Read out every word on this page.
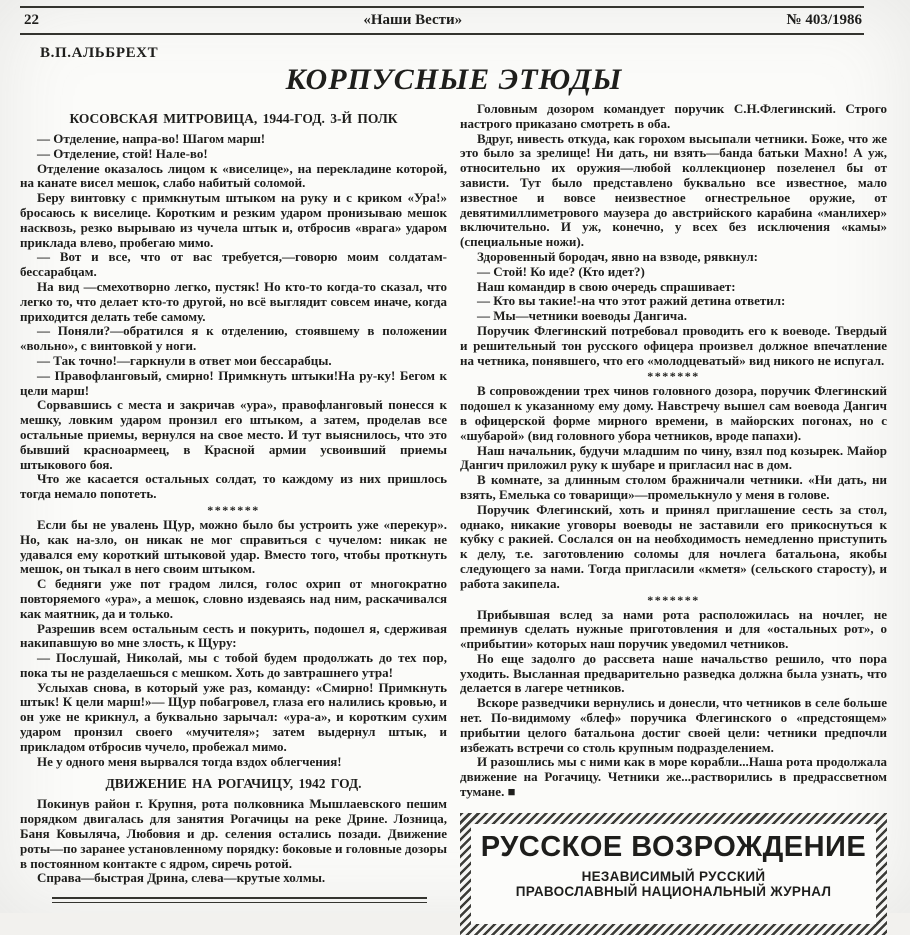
22	«Наши Вести»	№ 403/1986
В.П.АЛЬБРЕХТ
КОРПУСНЫЕ ЭТЮДЫ
КОСОВСКАЯ МИТРОВИЦА, 1944-ГОД. 3-Й ПОЛК

— Отделение, напра-во! Шагом марш!

— Отделение, стой! Нале-во!

Отделение оказалось лицом к «виселице», на перекладине которой, на канате висел мешок, слабо набитый соломой.

Беру винтовку с примкнутым штыком на руку и с криком «Ура!» бросаюсь к виселице. Коротким и резким ударом пронизываю мешок насквозь, резко вырываю из чучела штык и, отбросив «врага» ударом приклада влево, пробегаю мимо.

— Вот и все, что от вас требуется,—говорю моим солдатам-бессарабцам.

На вид —смехотворно легко, пустяк! Но кто-то когда-то сказал, что легко то, что делает кто-то другой, но всё выглядит совсем иначе, когда приходится делать тебе самому.

— Поняли?—обратился я к отделению, стоявшему в положении «вольно», с винтовкой у ноги.

— Так точно!—гаркнули в ответ мои бессарабцы.

— Правофланговый, смирно! Примкнуть штыки!На ру-ку! Бегом к цели марш!

Сорвавшись с места и закричав «ура», правофланговый понесся к мешку, ловким ударом пронзил его штыком, а затем, проделав все остальные приемы, вернулся на свое место. И тут выяснилось, что это бывший красноармеец, в Красной армии усвоивший приемы штыкового боя.

Что же касается остальных солдат, то каждому из них пришлось тогда немало попотеть.

*******

Если бы не увалень Щур, можно было бы устроить уже «перекур». Но, как на-зло, он никак не мог справиться с чучелом: никак не удавался ему короткий штыковой удар. Вместо того, чтобы проткнуть мешок, он тыкал в него своим штыком.

С бедняги уже пот градом лился, голос охрип от многократно повторяемого «ура», а мешок, словно издеваясь над ним, раскачивался как маятник, да и только.

Разрешив всем остальным сесть и покурить, подошел я, сдерживая накипавшую во мне злость, к Щуру:

— Послушай, Николай, мы с тобой будем продолжать до тех пор, пока ты не разделаешься с мешком. Хоть до завтрашнего утра!

Услыхав снова, в который уже раз, команду: «Смирно! Примкнуть штык! К цели марш!»— Щур побагровел, глаза его налились кровью, и он уже не крикнул, а буквально зарычал: «ура-а», и коротким сухим ударом пронзил своего «мучителя»; затем выдернул штык, и прикладом отбросив чучело, пробежал мимо.

Не у одного меня вырвался тогда вздох облегчения!

ДВИЖЕНИЕ НА РОГАЧИЦУ, 1942 ГОД.

Покинув район г. Крупня, рота полковника Мышлаевского пешим порядком двигалась для занятия Рогачицы на реке Дрине. Лозница, Баня Ковыляча, Любовия и др. селения остались позади. Движение роты—по заранее установленному порядку: боковые и головные дозоры в постоянном контакте с ядром, сиречь ротой.

Справа—быстрая Дрина, слева—крутые холмы.

Головным дозором командует поручик С.Н.Флегинский. Строго настрого приказано смотреть в оба.

Вдруг, нивесть откуда, как горохом высыпали четники. Боже, что же это было за зрелище! Ни дать, ни взять—банда батьки Махно! А уж, относительно их оружия—любой коллекционер позеленел бы от зависти. Тут было представлено буквально все известное, мало известное и вовсе неизвестное огнестрельное оружие, от девятимиллиметрового маузера до австрийского карабина «манлихер» включительно. И уж, конечно, у всех без исключения «камы» (специальные ножи).

Здоровенный бородач, явно на взводе, рявкнул:

— Стой! Ко иде? (Кто идет?)

Наш командир в свою очередь спрашивает:

— Кто вы такие!-на что этот ражий детина ответил:

— Мы—четники воеводы Дангича.

Поручик Флегинский потребовал проводить его к воеводе. Твердый и решительный тон русского офицера произвел должное впечатление на четника, понявшего, что его «молодцеватый» вид никого не испугал.

*******

В сопровождении трех чинов головного дозора, поручик Флегинский подошел к указанному ему дому. Навстречу вышел сам воевода Дангич в офицерской форме мирного времени, в майорских погонах, но с «шубарой» (вид головного убора четников, вроде папахи).

Наш начальник, будучи младшим по чину, взял под козырек. Майор Дангич приложил руку к шубаре и пригласил нас в дом.

В комнате, за длинным столом бражничали четники. «Ни дать, ни взять, Емелька со товарищи»—промелькнуло у меня в голове.

Поручик Флегинский, хоть и принял приглашение сесть за стол, однако, никакие уговоры воеводы не заставили его прикоснуться к кубку с ракией. Сослался он на необходимость немедленно приступить к делу, т.е. заготовлению соломы для ночлега батальона, якобы следующего за нами. Тогда пригласили «кметя» (сельского старосту), и работа закипела.

*******

Прибывшая вслед за нами рота расположилась на ночлег, не преминув сделать нужные приготовления и для «остальных рот», о «прибытии» которых наш поручик уведомил четников.

Но еще задолго до рассвета наше начальство решило, что пора уходить. Высланная предварительно разведка должна была узнать, что делается в лагере четников.

Вскоре разведчики вернулись и донесли, что четников в селе больше нет. По-видимому «блеф» поручика Флегинского о «предстоящем» прибытии целого батальона достиг своей цели: четники предпочли избежать встречи со столь крупным подразделением.

И разошлись мы с ними как в море корабли...Наша рота продолжала движение на Рогачицу. Четники же...растворились в предрассветном тумане. ■

РУССКОЕ ВОЗРОЖДЕНИЕ
НЕЗАВИСИМЫЙ РУССКИЙ
ПРАВОСЛАВНЫЙ НАЦИОНАЛЬНЫЙ ЖУРНАЛ
